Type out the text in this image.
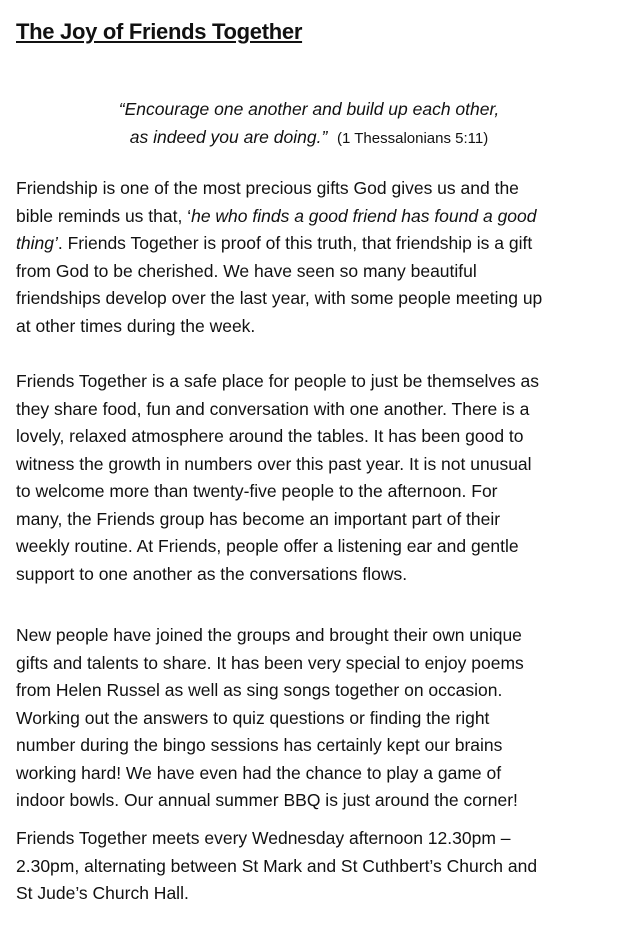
The Joy of Friends Together
“Encourage one another and build up each other,
as indeed you are doing.” (1 Thessalonians 5:11)
Friendship is one of the most precious gifts God gives us and the
bible reminds us that, ‘he who finds a good friend has found a good
thing’. Friends Together is proof of this truth, that friendship is a gift
from God to be cherished. We have seen so many beautiful
friendships develop over the last year, with some people meeting up
at other times during the week.
Friends Together is a safe place for people to just be themselves as
they share food, fun and conversation with one another. There is a
lovely, relaxed atmosphere around the tables. It has been good to
witness the growth in numbers over this past year. It is not unusual
to welcome more than twenty-five people to the afternoon. For
many, the Friends group has become an important part of their
weekly routine. At Friends, people offer a listening ear and gentle
support to one another as the conversations flows.
New people have joined the groups and brought their own unique
gifts and talents to share. It has been very special to enjoy poems
from Helen Russel as well as sing songs together on occasion.
Working out the answers to quiz questions or finding the right
number during the bingo sessions has certainly kept our brains
working hard! We have even had the chance to play a game of
indoor bowls. Our annual summer BBQ is just around the corner!
Friends Together meets every Wednesday afternoon 12.30pm –
2.30pm, alternating between St Mark and St Cuthbert’s Church and
St Jude’s Church Hall.
